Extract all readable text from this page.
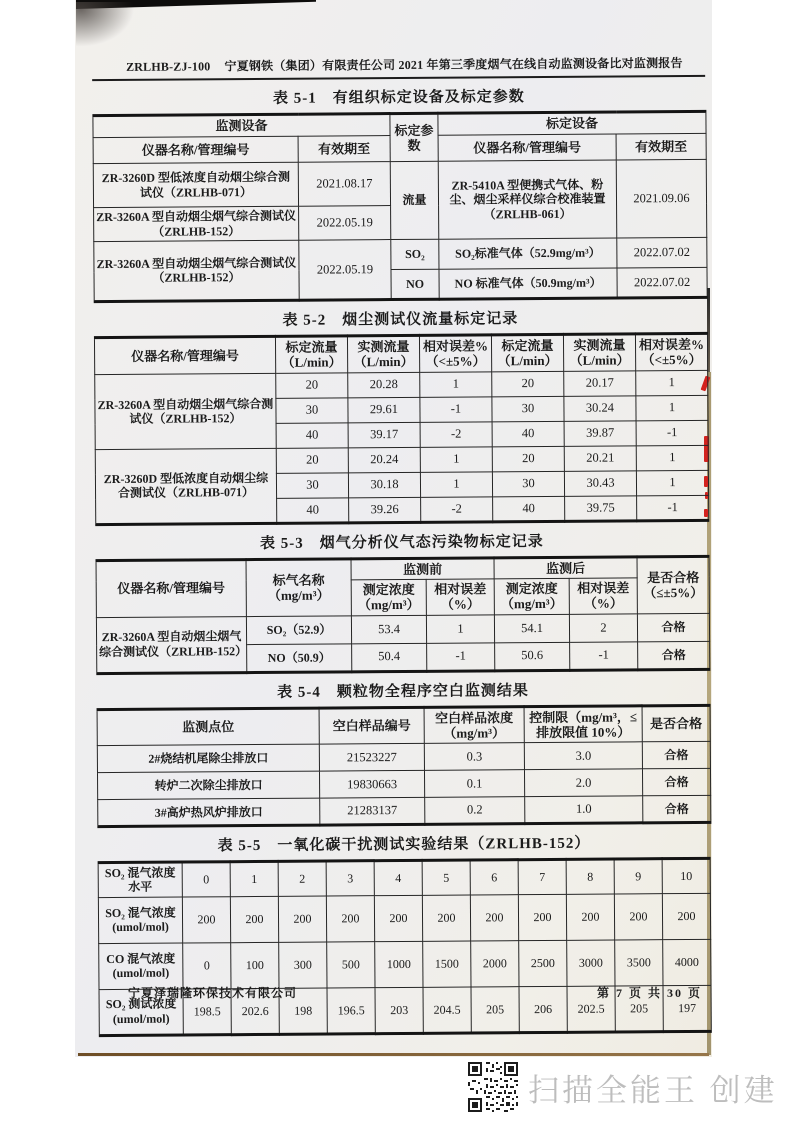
ZRLHB-ZJ-100 宁夏钢铁（集团）有限责任公司 2021 年第三季度烟气在线自动监测设备比对监测报告
表 5-1　有组织标定设备及标定参数
监测设备		标定参数	标定设备	
仪器名称/管理编号	有效期至		仪器名称/管理编号	有效期至
ZR-3260D 型低浓度自动烟尘综合测试仪（ZRLHB-071）	2021.08.17	流量	ZR-5410A 型便携式气体、粉尘、烟尘采样仪综合校准装置（ZRLHB-061）	2021.09.06
ZR-3260A 型自动烟尘烟气综合测试仪（ZRLHB-152）	2022.05.19			
ZR-3260A 型自动烟尘烟气综合测试仪（ZRLHB-152）	2022.05.19	SO₂	SO₂标准气体（52.9mg/m³）	2022.07.02
		NO	NO 标准气体（50.9mg/m³）	2022.07.02
表 5-2　烟尘测试仪流量标定记录
仪器名称/管理编号	标定流量（L/min）	实测流量（L/min）	相对误差%（<±5%）	标定流量（L/min）	实测流量（L/min）	相对误差%（<±5%）
ZR-3260A 型自动烟尘烟气综合测试仪（ZRLHB-152）	20	20.28	1	20	20.17	1
	30	29.61	-1	30	30.24	1
	40	39.17	-2	40	39.87	-1
ZR-3260D 型低浓度自动烟尘综合测试仪（ZRLHB-071）	20	20.24	1	20	20.21	1
	30	30.18	1	30	30.43	1
	40	39.26	-2	40	39.75	-1
表 5-3　烟气分析仪气态污染物标定记录
仪器名称/管理编号	标气名称（mg/m³）	监测前		监测后		是否合格（≤±5%）
		测定浓度（mg/m³）	相对误差（%）	测定浓度（mg/m³）	相对误差（%）	
ZR-3260A 型自动烟尘烟气综合测试仪（ZRLHB-152）	SO₂（52.9）	53.4	1	54.1	2	合格
	NO（50.9）	50.4	-1	50.6	-1	合格
表 5-4　颗粒物全程序空白监测结果
监测点位	空白样品编号	空白样品浓度（mg/m³）	控制限（mg/m³，≤排放限值 10%）	是否合格
2#烧结机尾除尘排放口	21523227	0.3	3.0	合格
转炉二次除尘排放口	19830663	0.1	2.0	合格
3#高炉热风炉排放口	21283137	0.2	1.0	合格
表 5-5　一氧化碳干扰测试实验结果（ZRLHB-152）
SO₂ 混气浓度水平	0	1	2	3	4	5	6	7	8	9	10
SO₂ 混气浓度 (umol/mol)	200	200	200	200	200	200	200	200	200	200	200
CO 混气浓度 (umol/mol)	0	100	300	500	1000	1500	2000	2500	3000	3500	4000
SO₂ 测试浓度 (umol/mol)	198.5	202.6	198	196.5	203	204.5	205	206	202.5	205	197
宁夏泽瑞隆环保技术有限公司	第 7 页 共 30 页
扫描全能王 创建
